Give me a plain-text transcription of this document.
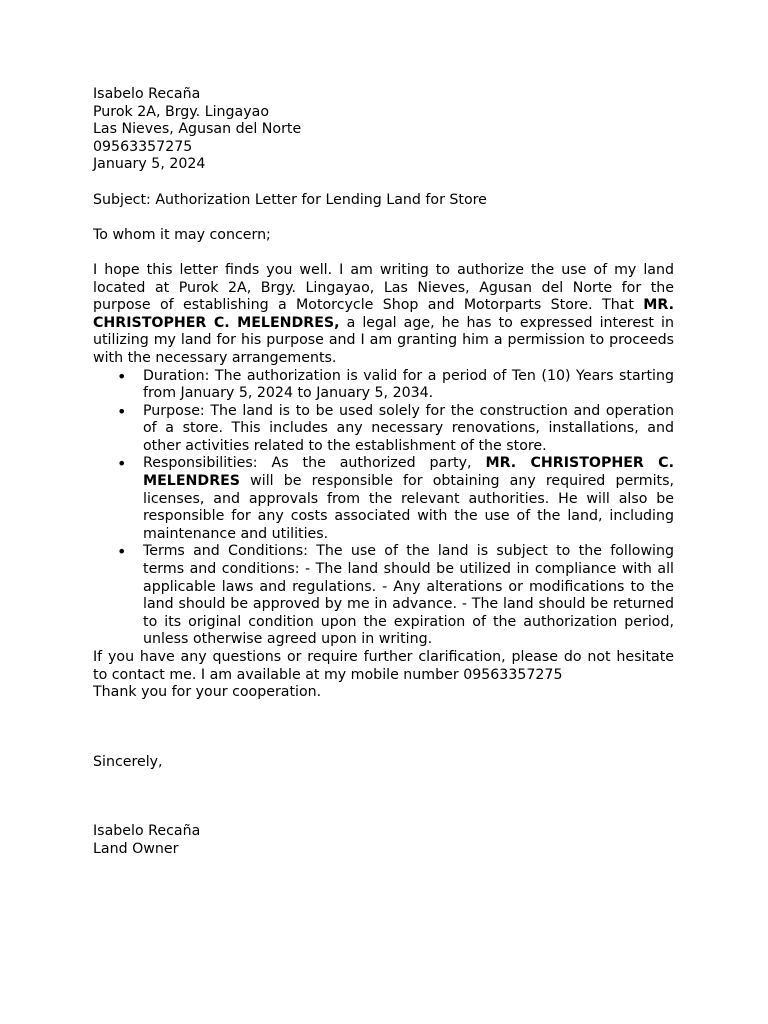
Isabelo Recaña
Purok 2A, Brgy. Lingayao
Las Nieves, Agusan del Norte
09563357275
January 5, 2024
Subject: Authorization Letter for Lending Land for Store
To whom it may concern;
I hope this letter finds you well. I am writing to authorize the use of my land located at Purok 2A, Brgy. Lingayao, Las Nieves, Agusan del Norte for the purpose of establishing a Motorcycle Shop and Motorparts Store. That MR. CHRISTOPHER C. MELENDRES, a legal age, he has to expressed interest in utilizing my land for his purpose and I am granting him a permission to proceeds with the necessary arrangements.
• Duration: The authorization is valid for a period of Ten (10) Years starting from January 5, 2024 to January 5, 2034.
• Purpose: The land is to be used solely for the construction and operation of a store. This includes any necessary renovations, installations, and other activities related to the establishment of the store.
• Responsibilities: As the authorized party, MR. CHRISTOPHER C. MELENDRES will be responsible for obtaining any required permits, licenses, and approvals from the relevant authorities. He will also be responsible for any costs associated with the use of the land, including maintenance and utilities.
• Terms and Conditions: The use of the land is subject to the following terms and conditions: - The land should be utilized in compliance with all applicable laws and regulations. - Any alterations or modifications to the land should be approved by me in advance. - The land should be returned to its original condition upon the expiration of the authorization period, unless otherwise agreed upon in writing.
If you have any questions or require further clarification, please do not hesitate to contact me. I am available at my mobile number 09563357275
Thank you for your cooperation.
Sincerely,
Isabelo Recaña
Land Owner
